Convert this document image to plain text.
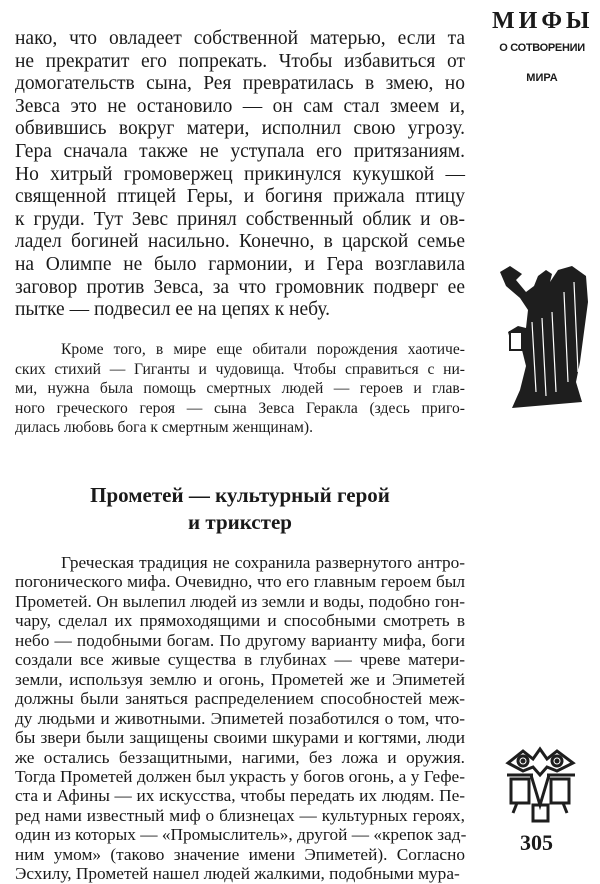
нако, что овладеет собственной матерью, если та
не прекратит его попрекать. Чтобы избавиться от
домогательств сына, Рея превратилась в змею, но
Зевса это не остановило — он сам стал змеем и,
обвившись вокруг матери, исполнил свою угрозу.
Гера сначала также не уступала его притязаниям.
Но хитрый громовержец прикинулся кукушкой —
священной птицей Геры, и богиня прижала птицу
к груди. Тут Зевс принял собственный облик и ов-
ладел богиней насильно. Конечно, в царской семье
на Олимпе не было гармонии, и Гера возглавила
заговор против Зевса, за что громовник подверг ее
пытке — подвесил ее на цепях к небу.
Кроме того, в мире еще обитали порождения хаотиче-
ских стихий — Гиганты и чудовища. Чтобы справиться с ни-
ми, нужна была помощь смертных людей — героев и глав-
ного греческого героя — сына Зевса Геракла (здесь приго-
дилась любовь бога к смертным женщинам).
Прометей — культурный герой
и трикстер
Греческая традиция не сохранила развернутого антро-
погонического мифа. Очевидно, что его главным героем был
Прометей. Он вылепил людей из земли и воды, подобно гон-
чару, сделал их прямоходящими и способными смотреть в
небо — подобными богам. По другому варианту мифа, боги
создали все живые существа в глубинах — чреве матери-
земли, используя землю и огонь, Прометей же и Эпиметей
должны были заняться распределением способностей меж-
ду людьми и животными. Эпиметей позаботился о том, что-
бы звери были защищены своими шкурами и когтями, люди
же остались беззащитными, нагими, без ложа и оружия.
Тогда Прометей должен был украсть у богов огонь, а у Гефе-
ста и Афины — их искусства, чтобы передать их людям. Пе-
ред нами известный миф о близнецах — культурных героях,
один из которых — «Промыслитель», другой — «крепок зад-
ним умом» (таково значение имени Эпиметей). Согласно
Эсхилу, Прометей нашел людей жалкими, подобными мура-
МИФЫ
О СОТВОРЕНИИ
МИРА
305
